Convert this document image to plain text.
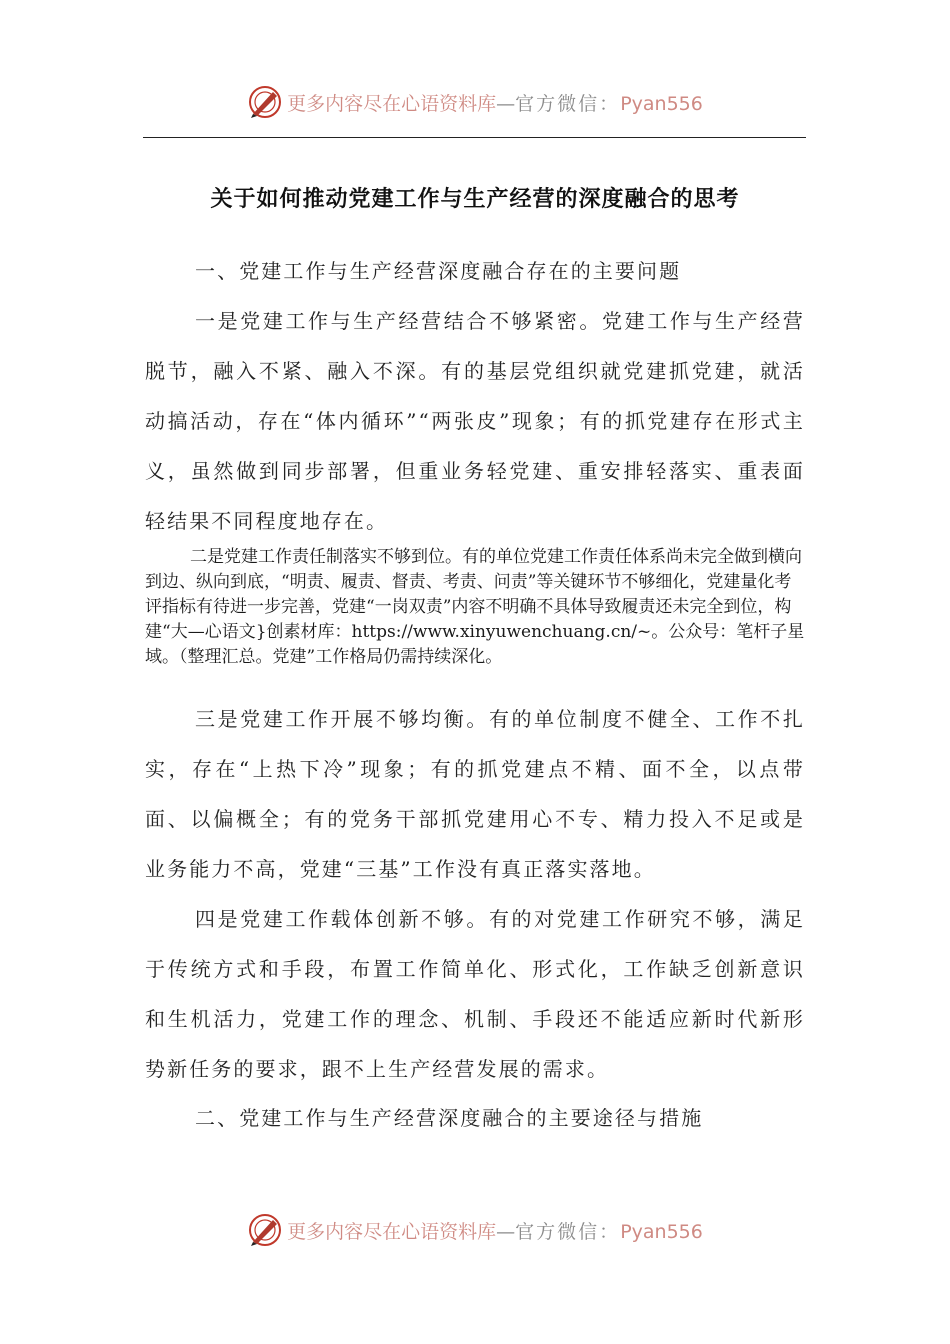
更多内容尽在心语资料库—官方微信：Pyan556
关于如何推动党建工作与生产经营的深度融合的思考

一、党建工作与生产经营深度融合存在的主要问题

一是党建工作与生产经营结合不够紧密。党建工作与生产经营脱节，融入不紧、融入不深。有的基层党组织就党建抓党建，就活动搞活动，存在“体内循环”“两张皮”现象；有的抓党建存在形式主义，虽然做到同步部署，但重业务轻党建、重安排轻落实、重表面轻结果不同程度地存在。

二是党建工作责任制落实不够到位。有的单位党建工作责任体系尚未完全做到横向到边、纵向到底，“明责、履责、督责、考责、问责”等关键环节不够细化，党建量化考评指标有待进一步完善，党建“一岗双责”内容不明确不具体导致履责还未完全到位，构建“大—心语文}创素材库：https://www.xinyuwenchuang.cn/~。公众号：笔杆子星域。（整理汇总。党建”工作格局仍需持续深化。

三是党建工作开展不够均衡。有的单位制度不健全、工作不扎实，存在“上热下冷”现象；有的抓党建点不精、面不全，以点带面、以偏概全；有的党务干部抓党建用心不专、精力投入不足或是业务能力不高，党建“三基”工作没有真正落实落地。

四是党建工作载体创新不够。有的对党建工作研究不够，满足于传统方式和手段，布置工作简单化、形式化，工作缺乏创新意识和生机活力，党建工作的理念、机制、手段还不能适应新时代新形势新任务的要求，跟不上生产经营发展的需求。

二、党建工作与生产经营深度融合的主要途径与措施

更多内容尽在心语资料库—官方微信：Pyan556
